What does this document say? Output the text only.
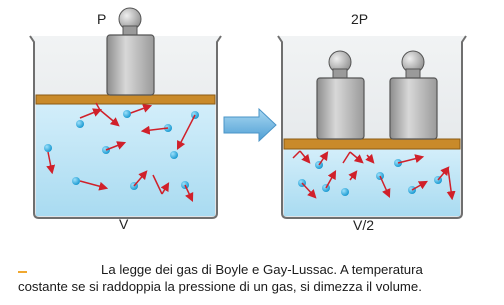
P
V
2P
V/2
La legge dei gas di Boyle e Gay-Lussac. A temperatura
costante se si raddoppia la pressione di un gas, si dimezza il volume.
